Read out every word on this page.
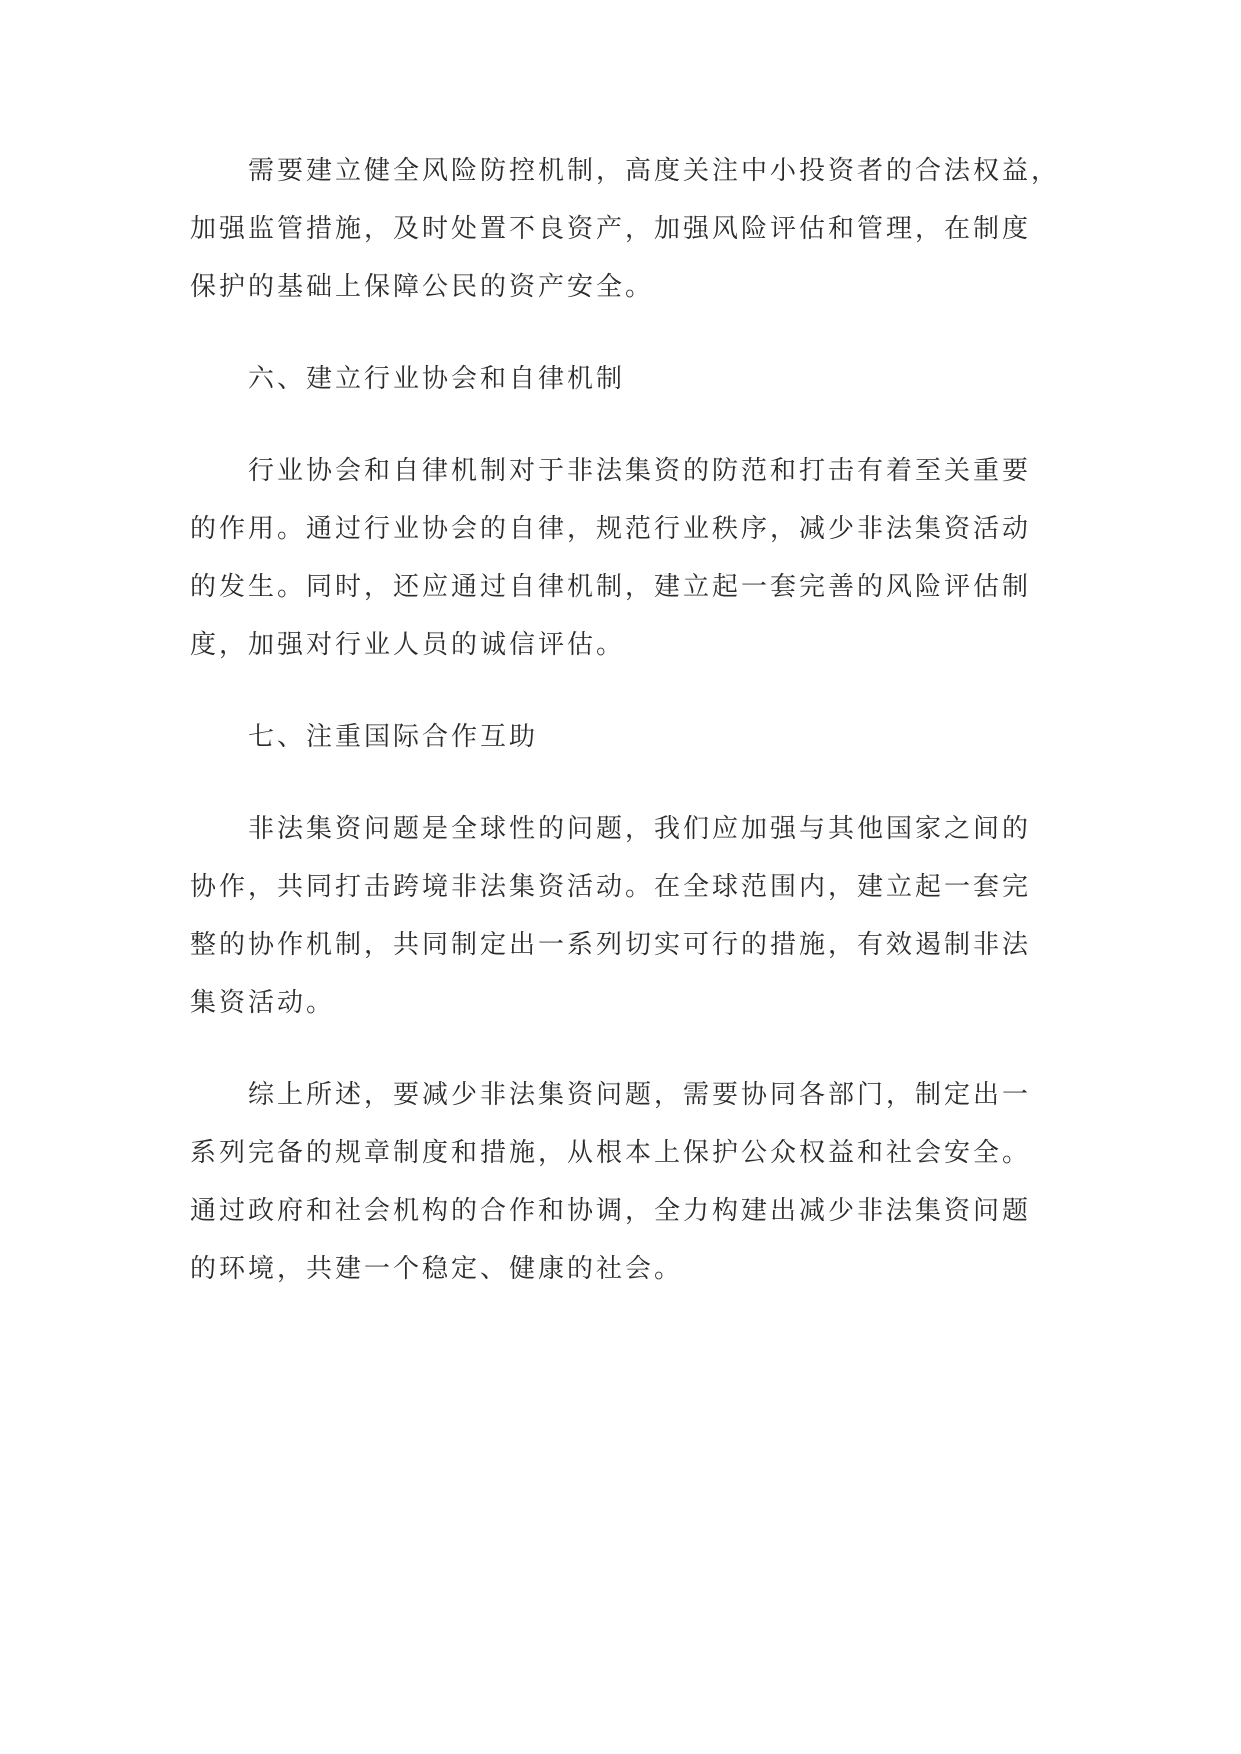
需要建立健全风险防控机制，高度关注中小投资者的合法权益，
加强监管措施，及时处置不良资产，加强风险评估和管理，在制度
保护的基础上保障公民的资产安全。

六、建立行业协会和自律机制

行业协会和自律机制对于非法集资的防范和打击有着至关重要
的作用。通过行业协会的自律，规范行业秩序，减少非法集资活动
的发生。同时，还应通过自律机制，建立起一套完善的风险评估制
度，加强对行业人员的诚信评估。

七、注重国际合作互助

非法集资问题是全球性的问题，我们应加强与其他国家之间的
协作，共同打击跨境非法集资活动。在全球范围内，建立起一套完
整的协作机制，共同制定出一系列切实可行的措施，有效遏制非法
集资活动。

综上所述，要减少非法集资问题，需要协同各部门，制定出一
系列完备的规章制度和措施，从根本上保护公众权益和社会安全。
通过政府和社会机构的合作和协调，全力构建出减少非法集资问题
的环境，共建一个稳定、健康的社会。
